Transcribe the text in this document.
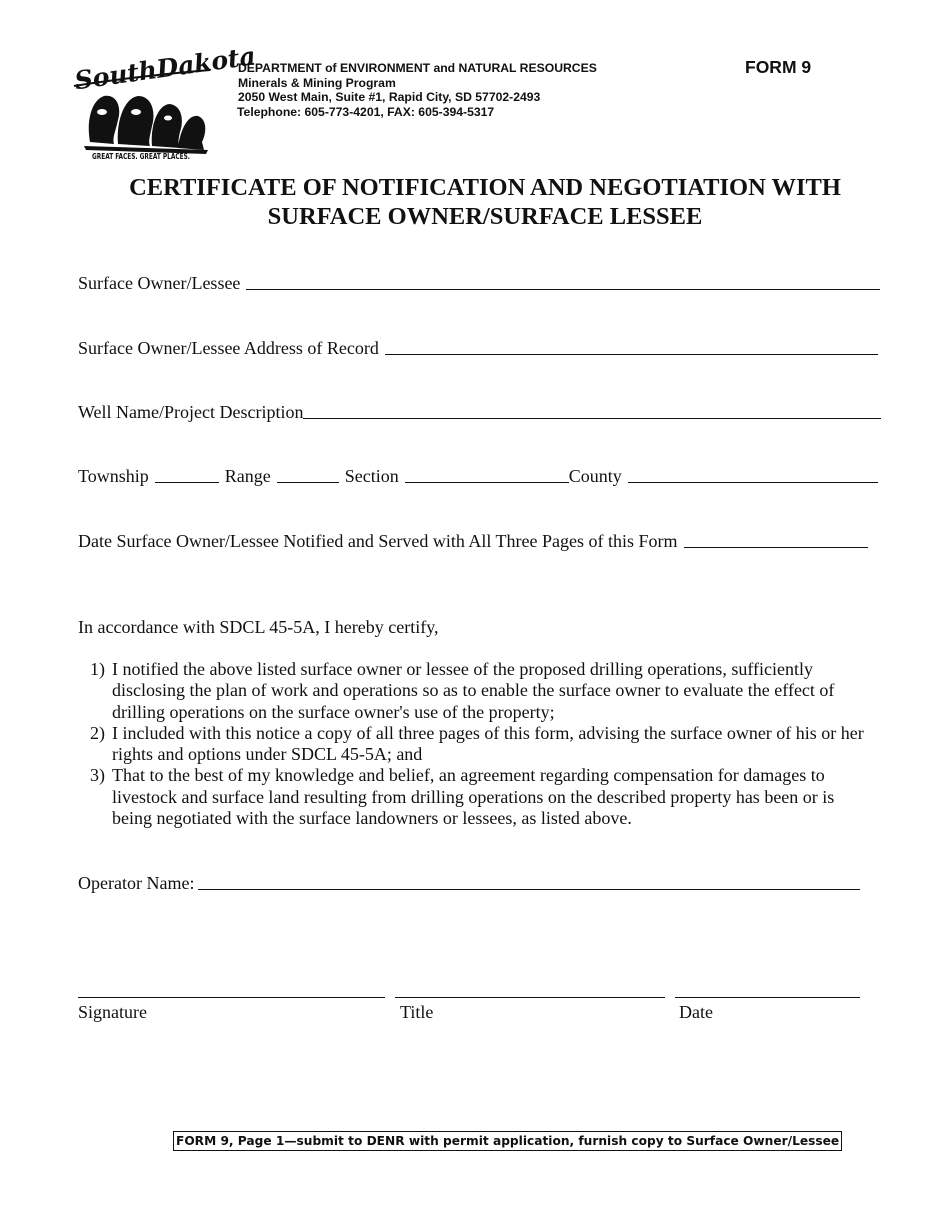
SouthDakota
GREAT FACES. GREAT PLACES.
DEPARTMENT of ENVIRONMENT and NATURAL RESOURCES
Minerals & Mining Program
2050 West Main, Suite #1, Rapid City, SD 57702-2493
Telephone: 605-773-4201, FAX: 605-394-5317
FORM 9
CERTIFICATE OF NOTIFICATION AND NEGOTIATION WITH
SURFACE OWNER/SURFACE LESSEE
Surface Owner/Lessee
Surface Owner/Lessee Address of Record
Well Name/Project Description
Township	Range	Section	County
Date Surface Owner/Lessee Notified and Served with All Three Pages of this Form
In accordance with SDCL 45-5A, I hereby certify,
1) I notified the above listed surface owner or lessee of the proposed drilling operations, sufficiently
disclosing the plan of work and operations so as to enable the surface owner to evaluate the effect of
drilling operations on the surface owner's use of the property;
2) I included with this notice a copy of all three pages of this form, advising the surface owner of his or her
rights and options under SDCL 45-5A; and
3) That to the best of my knowledge and belief, an agreement regarding compensation for damages to
livestock and surface land resulting from drilling operations on the described property has been or is
being negotiated with the surface landowners or lessees, as listed above.
Operator Name:
Signature	Title	Date
FORM 9, Page 1—submit to DENR with permit application, furnish copy to Surface Owner/Lessee
